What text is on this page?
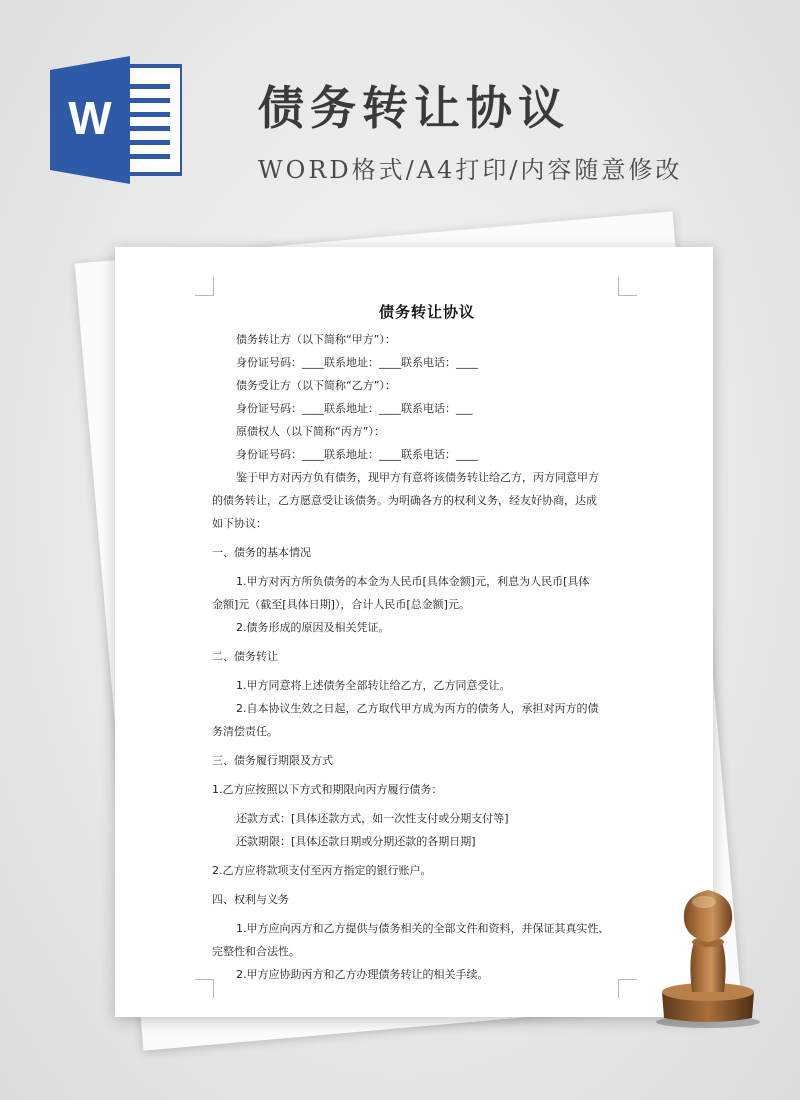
W	债务转让协议
WORD格式/A4打印/内容随意修改
债务转让协议
债务转让方（以下简称“甲方”）：
身份证号码：____联系地址：____联系电话：____
债务受让方（以下简称“乙方”）：
身份证号码：____联系地址：____联系电话：___
原债权人（以下简称“丙方”）：
身份证号码：____联系地址：____联系电话：____
鉴于甲方对丙方负有债务，现甲方有意将该债务转让给乙方，丙方同意甲方
的债务转让，乙方愿意受让该债务。为明确各方的权利义务，经友好协商，达成
如下协议：
一、债务的基本情况
1.甲方对丙方所负债务的本金为人民币[具体金额]元，利息为人民币[具体
金额]元（截至[具体日期]），合计人民币[总金额]元。
2.债务形成的原因及相关凭证。
二、债务转让
1.甲方同意将上述债务全部转让给乙方，乙方同意受让。
2.自本协议生效之日起，乙方取代甲方成为丙方的债务人，承担对丙方的债
务清偿责任。
三、债务履行期限及方式
1.乙方应按照以下方式和期限向丙方履行债务：
还款方式：[具体还款方式，如一次性支付或分期支付等]
还款期限：[具体还款日期或分期还款的各期日期]
2.乙方应将款项支付至丙方指定的银行账户。
四、权利与义务
1.甲方应向丙方和乙方提供与债务相关的全部文件和资料，并保证其真实性、
完整性和合法性。
2.甲方应协助丙方和乙方办理债务转让的相关手续。
